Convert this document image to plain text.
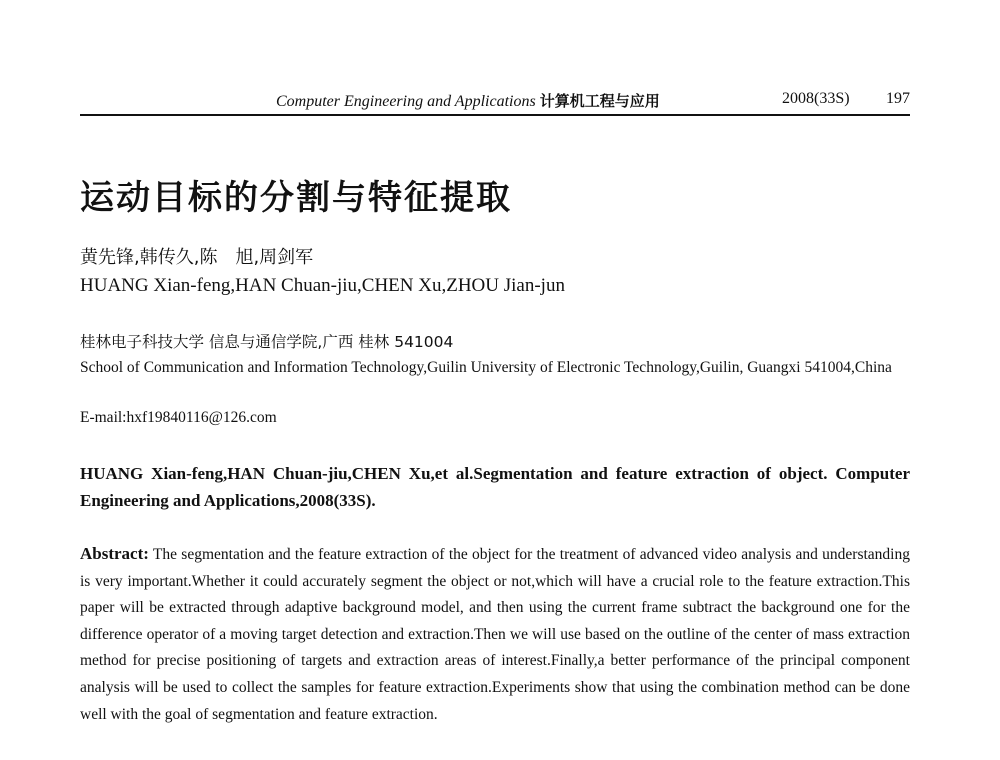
Computer Engineering and Applications 计算机工程与应用	2008(33S) 197
运动目标的分割与特征提取
黄先锋,韩传久,陈　旭,周剑军
HUANG Xian-feng,HAN Chuan-jiu,CHEN Xu,ZHOU Jian-jun
桂林电子科技大学 信息与通信学院,广西 桂林 541004
School of Communication and Information Technology,Guilin University of Electronic Technology,Guilin, Guangxi 541004,China
E-mail:hxf19840116@126.com
HUANG Xian-feng,HAN Chuan-jiu,CHEN Xu,et al.Segmentation and feature extraction of object. Computer Engineering and Applications,2008(33S).
Abstract: The segmentation and the feature extraction of the object for the treatment of advanced video analysis and understanding is very important.Whether it could accurately segment the object or not,which will have a crucial role to the feature extraction.This paper will be extracted through adaptive background model, and then using the current frame subtract the background one for the difference operator of a moving target detection and extraction.Then we will use based on the outline of the center of mass extraction method for precise positioning of targets and extraction areas of interest.Finally,a better performance of the principal component analysis will be used to collect the samples for feature extraction.Experiments show that using the combination method can be done well with the goal of segmentation and feature extraction.
